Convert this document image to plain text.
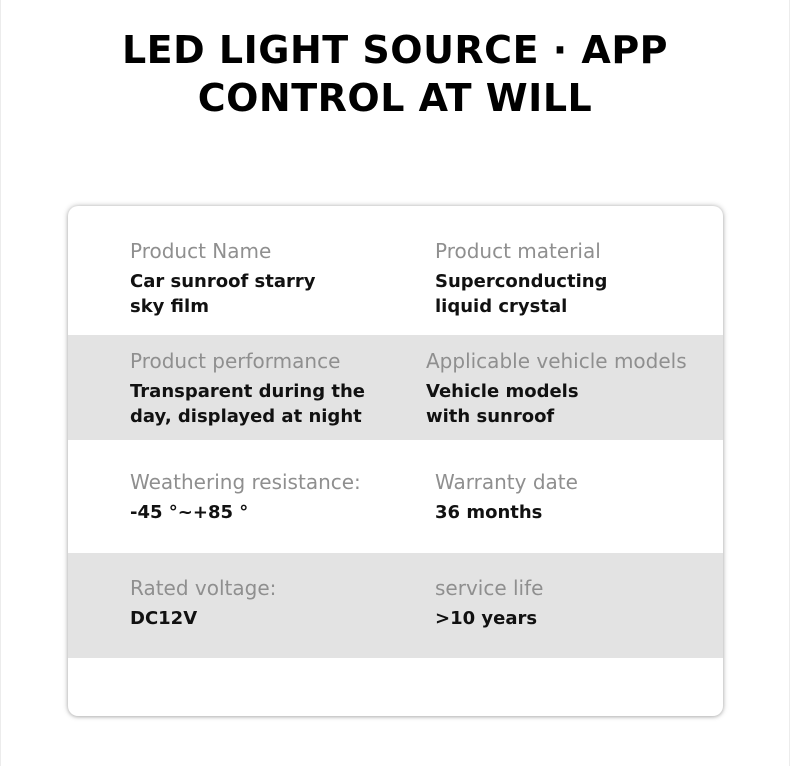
LED LIGHT SOURCE · APP
CONTROL AT WILL
Product Name
Car sunroof starry
sky film
Product material
Superconducting
liquid crystal
Product performance
Transparent during the
day, displayed at night
Applicable vehicle models
Vehicle models
with sunroof
Weathering resistance:
-45 °~+85 °
Warranty date
36 months
Rated voltage:
DC12V
service life
>10 years
